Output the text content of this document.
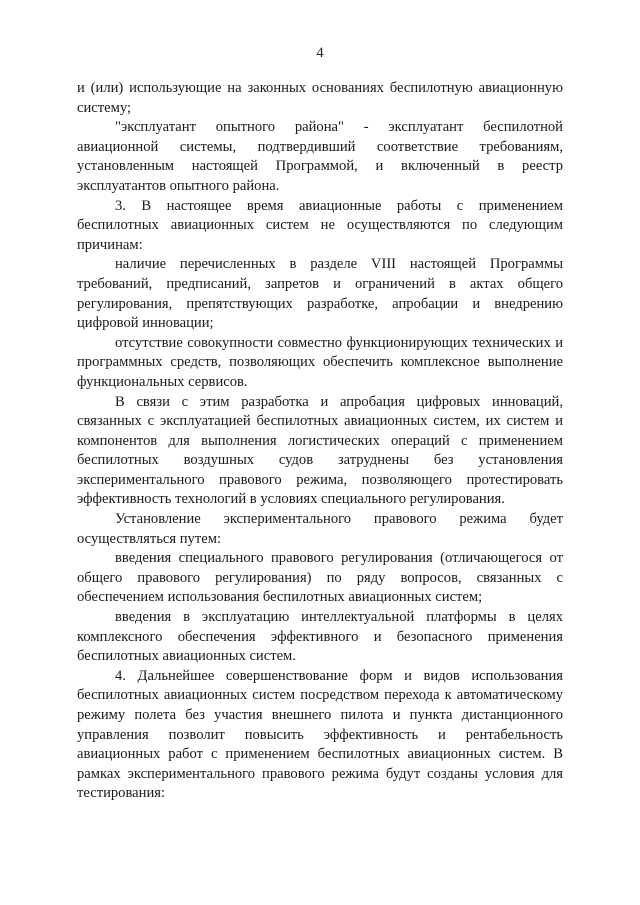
4

и (или) использующие на законных основаниях беспилотную авиационную систему;

"эксплуатант опытного района" - эксплуатант беспилотной авиационной системы, подтвердивший соответствие требованиям, установленным настоящей Программой, и включенный в реестр эксплуатантов опытного района.

3. В настоящее время авиационные работы с применением беспилотных авиационных систем не осуществляются по следующим причинам:

наличие перечисленных в разделе VIII настоящей Программы требований, предписаний, запретов и ограничений в актах общего регулирования, препятствующих разработке, апробации и внедрению цифровой инновации;

отсутствие совокупности совместно функционирующих технических и программных средств, позволяющих обеспечить комплексное выполнение функциональных сервисов.

В связи с этим разработка и апробация цифровых инноваций, связанных с эксплуатацией беспилотных авиационных систем, их систем и компонентов для выполнения логистических операций с применением беспилотных воздушных судов затруднены без установления экспериментального правового режима, позволяющего протестировать эффективность технологий в условиях специального регулирования.

Установление экспериментального правового режима будет осуществляться путем:

введения специального правового регулирования (отличающегося от общего правового регулирования) по ряду вопросов, связанных с обеспечением использования беспилотных авиационных систем;

введения в эксплуатацию интеллектуальной платформы в целях комплексного обеспечения эффективного и безопасного применения беспилотных авиационных систем.

4. Дальнейшее совершенствование форм и видов использования беспилотных авиационных систем посредством перехода к автоматическому режиму полета без участия внешнего пилота и пункта дистанционного управления позволит повысить эффективность и рентабельность авиационных работ с применением беспилотных авиационных систем. В рамках экспериментального правового режима будут созданы условия для тестирования:
